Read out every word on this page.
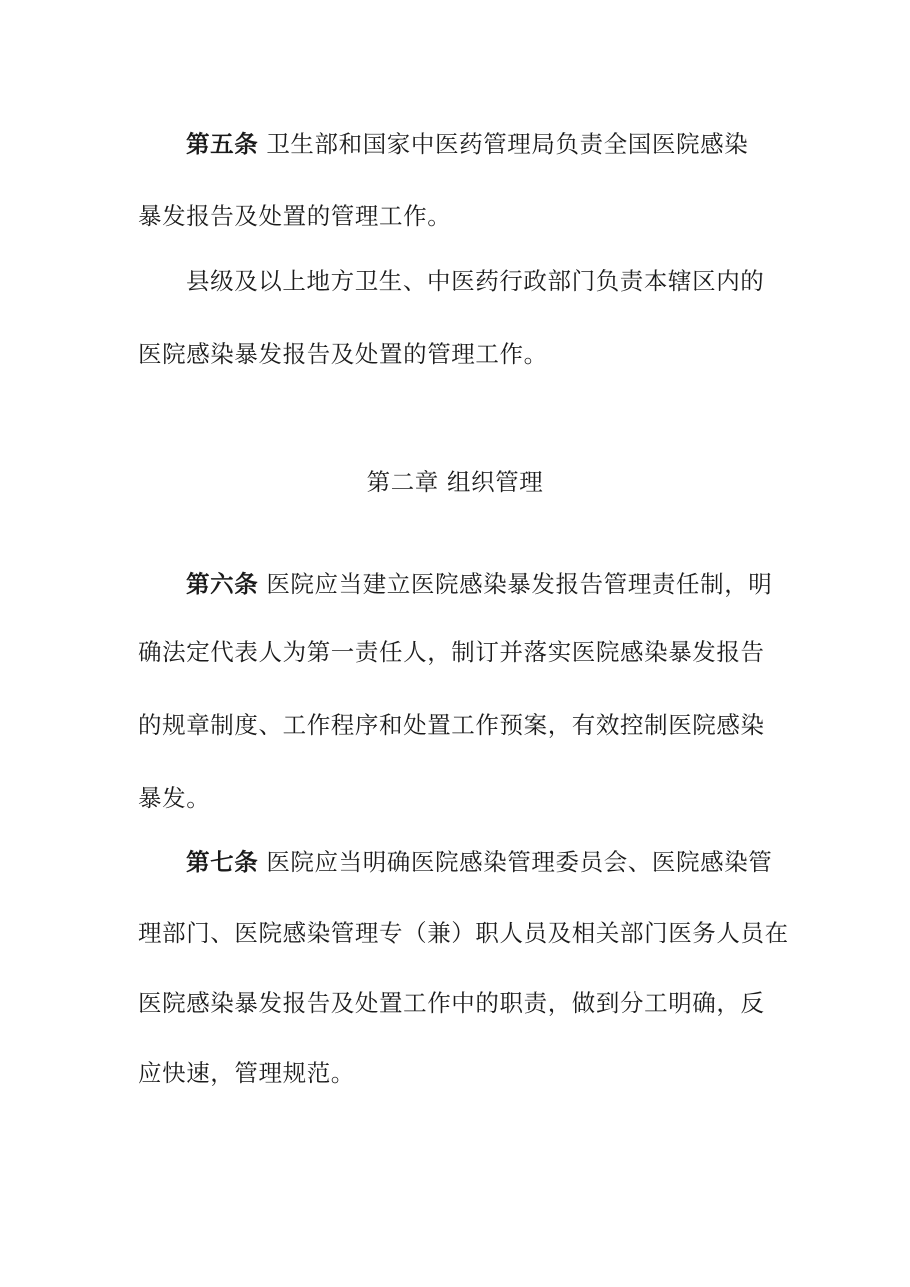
第五条 卫生部和国家中医药管理局负责全国医院感染
暴发报告及处置的管理工作。
县级及以上地方卫生、中医药行政部门负责本辖区内的
医院感染暴发报告及处置的管理工作。
第二章 组织管理
第六条 医院应当建立医院感染暴发报告管理责任制，明
确法定代表人为第一责任人，制订并落实医院感染暴发报告
的规章制度、工作程序和处置工作预案，有效控制医院感染
暴发。
第七条 医院应当明确医院感染管理委员会、医院感染管
理部门、医院感染管理专（兼）职人员及相关部门医务人员在
医院感染暴发报告及处置工作中的职责，做到分工明确，反
应快速，管理规范。
